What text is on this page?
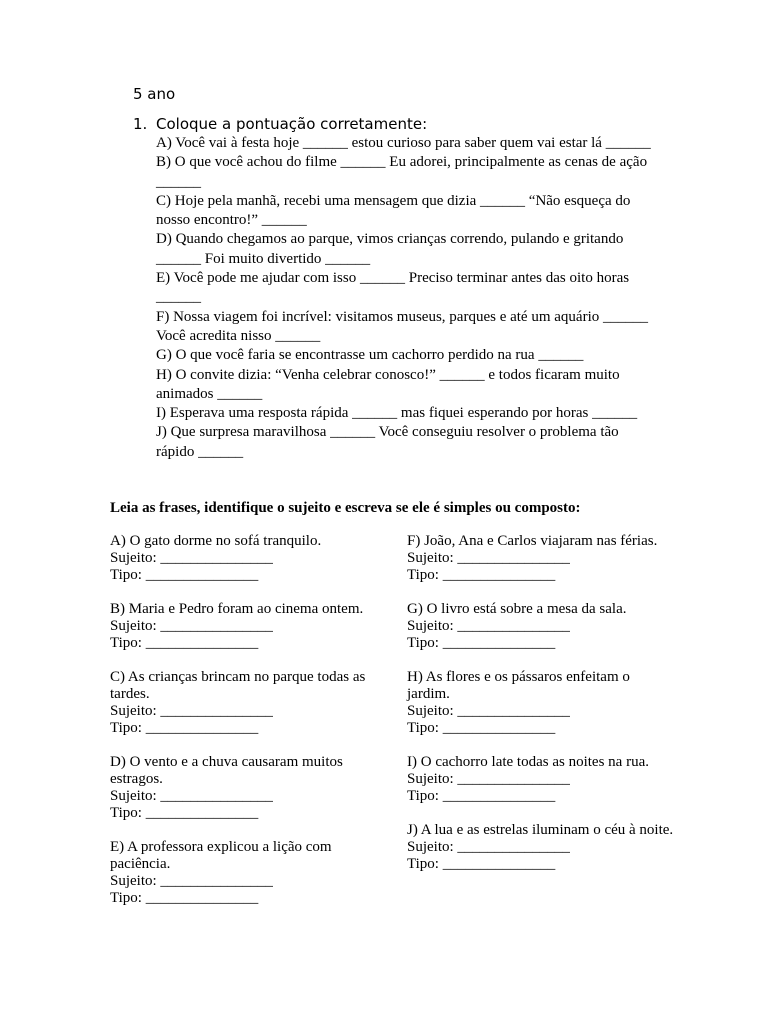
5 ano
1. Coloque a pontuação corretamente:

A) Você vai à festa hoje ______ estou curioso para saber quem vai estar lá ______

B) O que você achou do filme ______ Eu adorei, principalmente as cenas de ação ______

C) Hoje pela manhã, recebi uma mensagem que dizia ______ “Não esqueça do nosso encontro!” ______

D) Quando chegamos ao parque, vimos crianças correndo, pulando e gritando ______ Foi muito divertido ______

E) Você pode me ajudar com isso ______ Preciso terminar antes das oito horas ______

F) Nossa viagem foi incrível: visitamos museus, parques e até um aquário ______ Você acredita nisso ______

G) O que você faria se encontrasse um cachorro perdido na rua ______

H) O convite dizia: “Venha celebrar conosco!” ______ e todos ficaram muito animados ______

I) Esperava uma resposta rápida ______ mas fiquei esperando por horas ______

J) Que surpresa maravilhosa ______ Você conseguiu resolver o problema tão rápido ______

Leia as frases, identifique o sujeito e escreva se ele é simples ou composto:

A) O gato dorme no sofá tranquilo.

Sujeito: _______________

Tipo: _______________

B) Maria e Pedro foram ao cinema ontem.

Sujeito: _______________

Tipo: _______________

C) As crianças brincam no parque todas as tardes.

Sujeito: _______________

Tipo: _______________

D) O vento e a chuva causaram muitos estragos.

Sujeito: _______________

Tipo: _______________

E) A professora explicou a lição com paciência.

Sujeito: _______________

Tipo: _______________

F) João, Ana e Carlos viajaram nas férias.

Sujeito: _______________

Tipo: _______________

G) O livro está sobre a mesa da sala.

Sujeito: _______________

Tipo: _______________

H) As flores e os pássaros enfeitam o jardim.

Sujeito: _______________

Tipo: _______________

I) O cachorro late todas as noites na rua.

Sujeito: _______________

Tipo: _______________

J) A lua e as estrelas iluminam o céu à noite.

Sujeito: _______________

Tipo: _______________
